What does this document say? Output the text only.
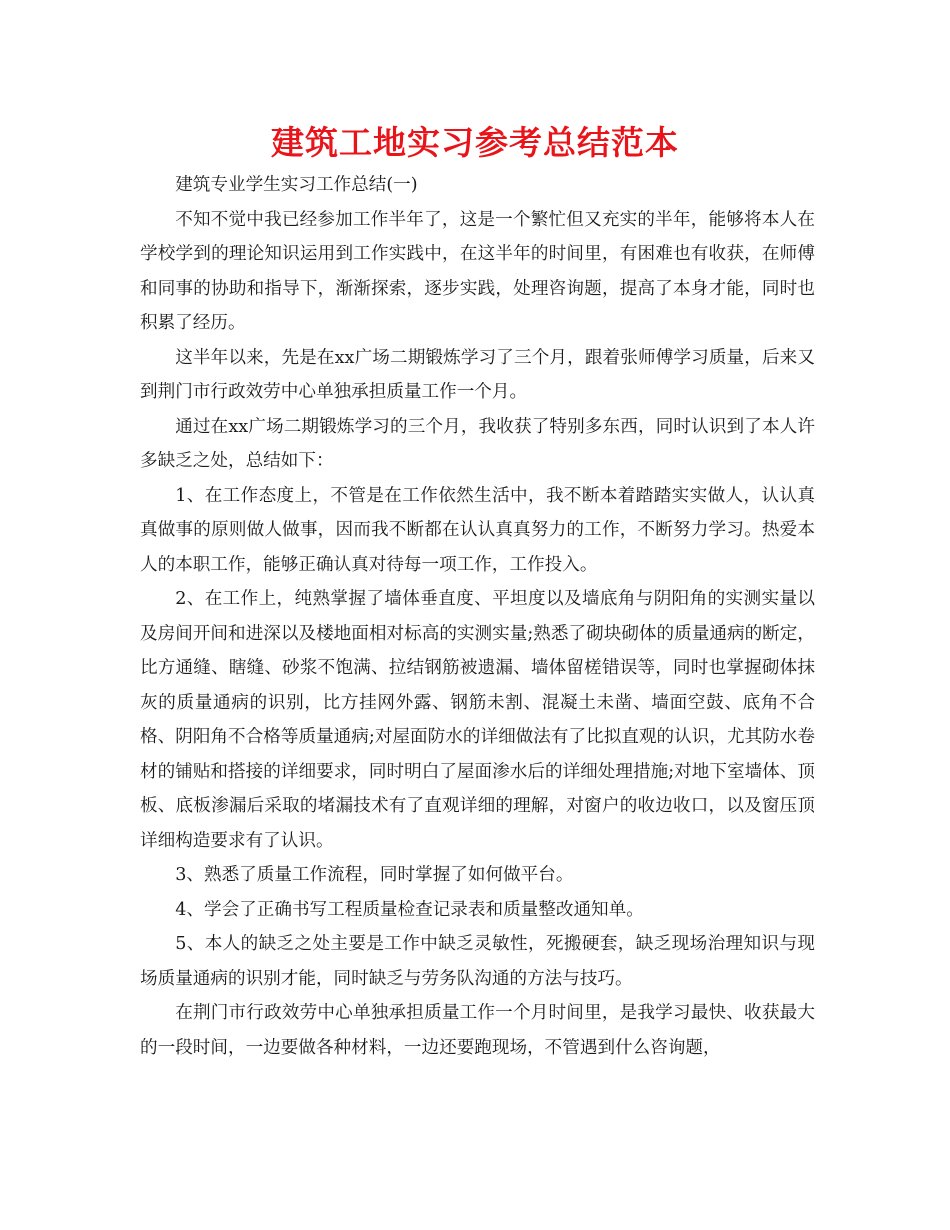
建筑工地实习参考总结范本

建筑专业学生实习工作总结(一)

不知不觉中我已经参加工作半年了，这是一个繁忙但又充实的半年，能够将本人在学校学到的理论知识运用到工作实践中，在这半年的时间里，有困难也有收获，在师傅和同事的协助和指导下，渐渐探索，逐步实践，处理咨询题，提高了本身才能，同时也积累了经历。

这半年以来，先是在xx广场二期锻炼学习了三个月，跟着张师傅学习质量，后来又到荆门市行政效劳中心单独承担质量工作一个月。

通过在xx广场二期锻炼学习的三个月，我收获了特别多东西，同时认识到了本人许多缺乏之处，总结如下：

1、在工作态度上，不管是在工作依然生活中，我不断本着踏踏实实做人，认认真真做事的原则做人做事，因而我不断都在认认真真努力的工作，不断努力学习。热爱本人的本职工作，能够正确认真对待每一项工作，工作投入。

2、在工作上，纯熟掌握了墙体垂直度、平坦度以及墙底角与阴阳角的实测实量以及房间开间和进深以及楼地面相对标高的实测实量;熟悉了砌块砌体的质量通病的断定，比方通缝、瞎缝、砂浆不饱满、拉结钢筋被遗漏、墙体留槎错误等，同时也掌握砌体抹灰的质量通病的识别，比方挂网外露、钢筋未割、混凝土未凿、墙面空鼓、底角不合格、阴阳角不合格等质量通病;对屋面防水的详细做法有了比拟直观的认识，尤其防水卷材的铺贴和搭接的详细要求，同时明白了屋面渗水后的详细处理措施;对地下室墙体、顶板、底板渗漏后采取的堵漏技术有了直观详细的理解，对窗户的收边收口，以及窗压顶详细构造要求有了认识。

3、熟悉了质量工作流程，同时掌握了如何做平台。

4、学会了正确书写工程质量检查记录表和质量整改通知单。

5、本人的缺乏之处主要是工作中缺乏灵敏性，死搬硬套，缺乏现场治理知识与现场质量通病的识别才能，同时缺乏与劳务队沟通的方法与技巧。

在荆门市行政效劳中心单独承担质量工作一个月时间里，是我学习最快、收获最大的一段时间，一边要做各种材料，一边还要跑现场，不管遇到什么咨询题，
